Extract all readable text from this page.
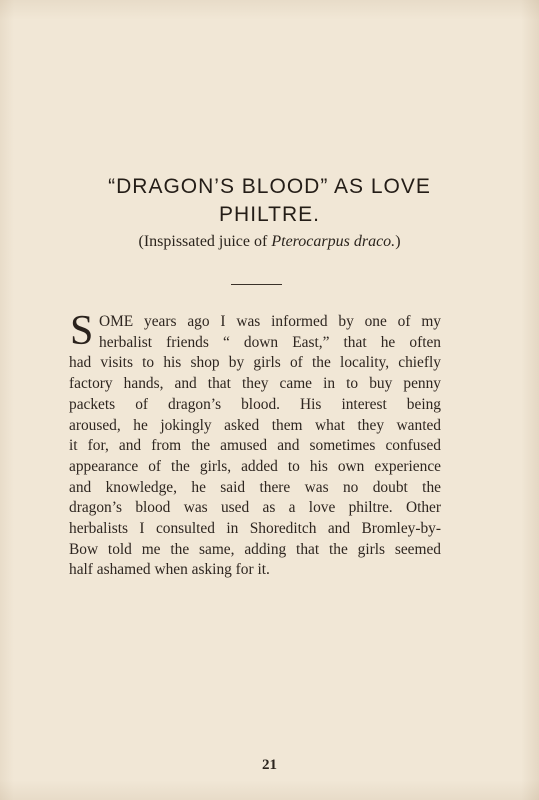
“DRAGON’S BLOOD” AS LOVE
PHILTRE.
(Inspissated juice of Pterocarpus draco.)
S OME years ago I was informed by one of my
herbalist friends “ down East,” that he often
had visits to his shop by girls of the locality, chiefly
factory hands, and that they came in to buy penny
packets of dragon’s blood. His interest being
aroused, he jokingly asked them what they wanted
it for, and from the amused and sometimes confused
appearance of the girls, added to his own experience
and knowledge, he said there was no doubt the
dragon’s blood was used as a love philtre. Other
herbalists I consulted in Shoreditch and Bromley-by-
Bow told me the same, adding that the girls seemed
half ashamed when asking for it.
21
